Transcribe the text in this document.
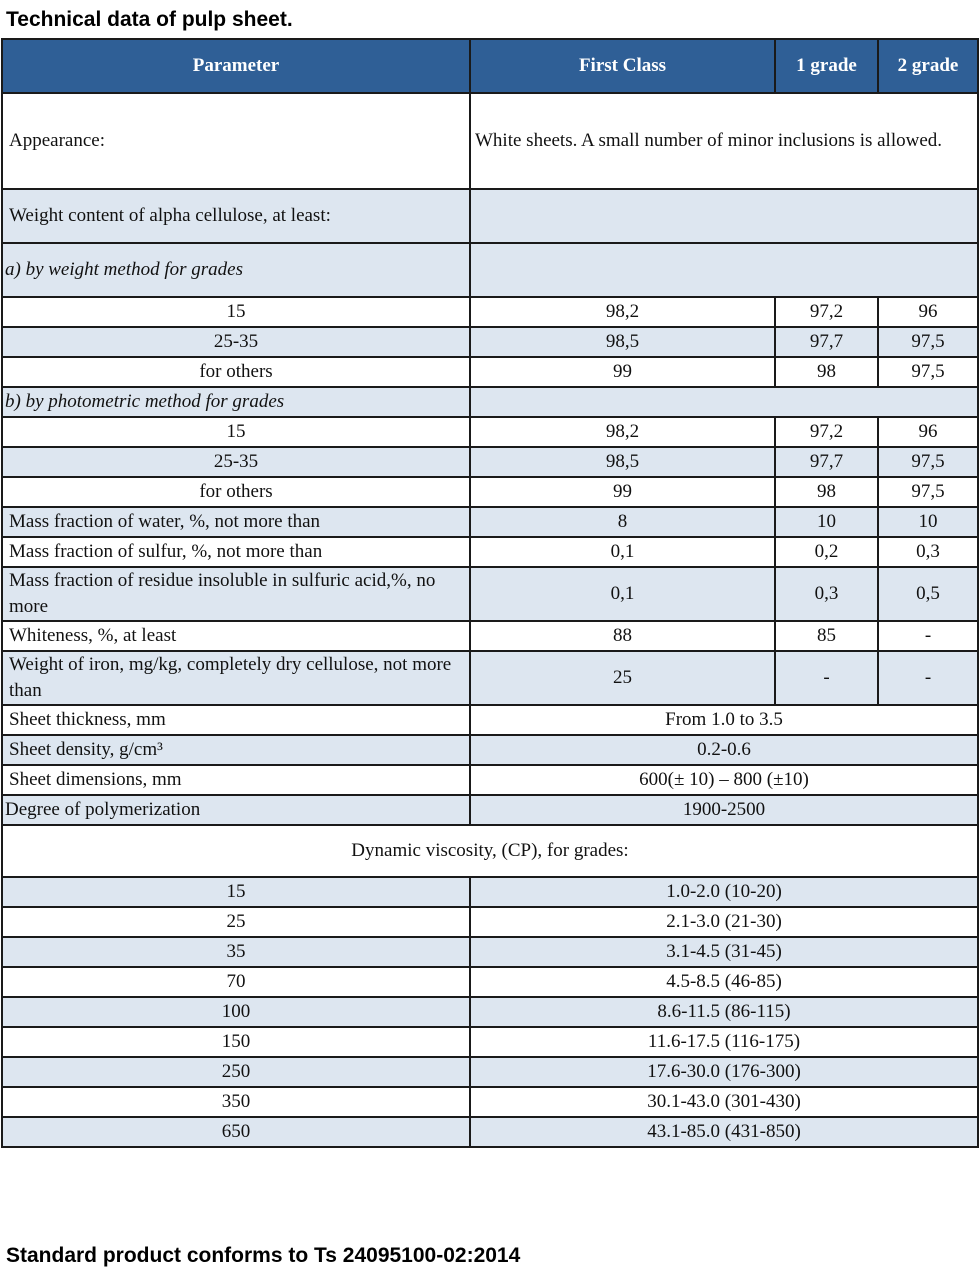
Technical data of pulp sheet.
Parameter	First Class	1 grade	2 grade
Appearance:	White sheets. A small number of minor inclusions is allowed.		
Weight content of alpha cellulose, at least:			
a) by weight method for grades			
15	98,2	97,2	96
25-35	98,5	97,7	97,5
for others	99	98	97,5
b) by photometric method for grades			
15	98,2	97,2	96
25-35	98,5	97,7	97,5
for others	99	98	97,5
Mass fraction of water, %, not more than	8	10	10
Mass fraction of sulfur, %, not more than	0,1	0,2	0,3
Mass fraction of residue insoluble in sulfuric acid,%, no more	0,1	0,3	0,5
Whiteness, %, at least	88	85	-
Weight of iron, mg/kg, completely dry cellulose, not more than	25	-	-
Sheet thickness, mm	From 1.0 to 3.5		
Sheet density, g/cm³	0.2-0.6		
Sheet dimensions, mm	600(± 10) – 800 (±10)		
Degree of polymerization	1900-2500		
Dynamic viscosity, (CP), for grades:			
15	1.0-2.0 (10-20)		
25	2.1-3.0 (21-30)		
35	3.1-4.5 (31-45)		
70	4.5-8.5 (46-85)		
100	8.6-11.5 (86-115)		
150	11.6-17.5 (116-175)		
250	17.6-30.0 (176-300)		
350	30.1-43.0 (301-430)		
650	43.1-85.0 (431-850)		
Standard product conforms to Ts 24095100-02:2014
